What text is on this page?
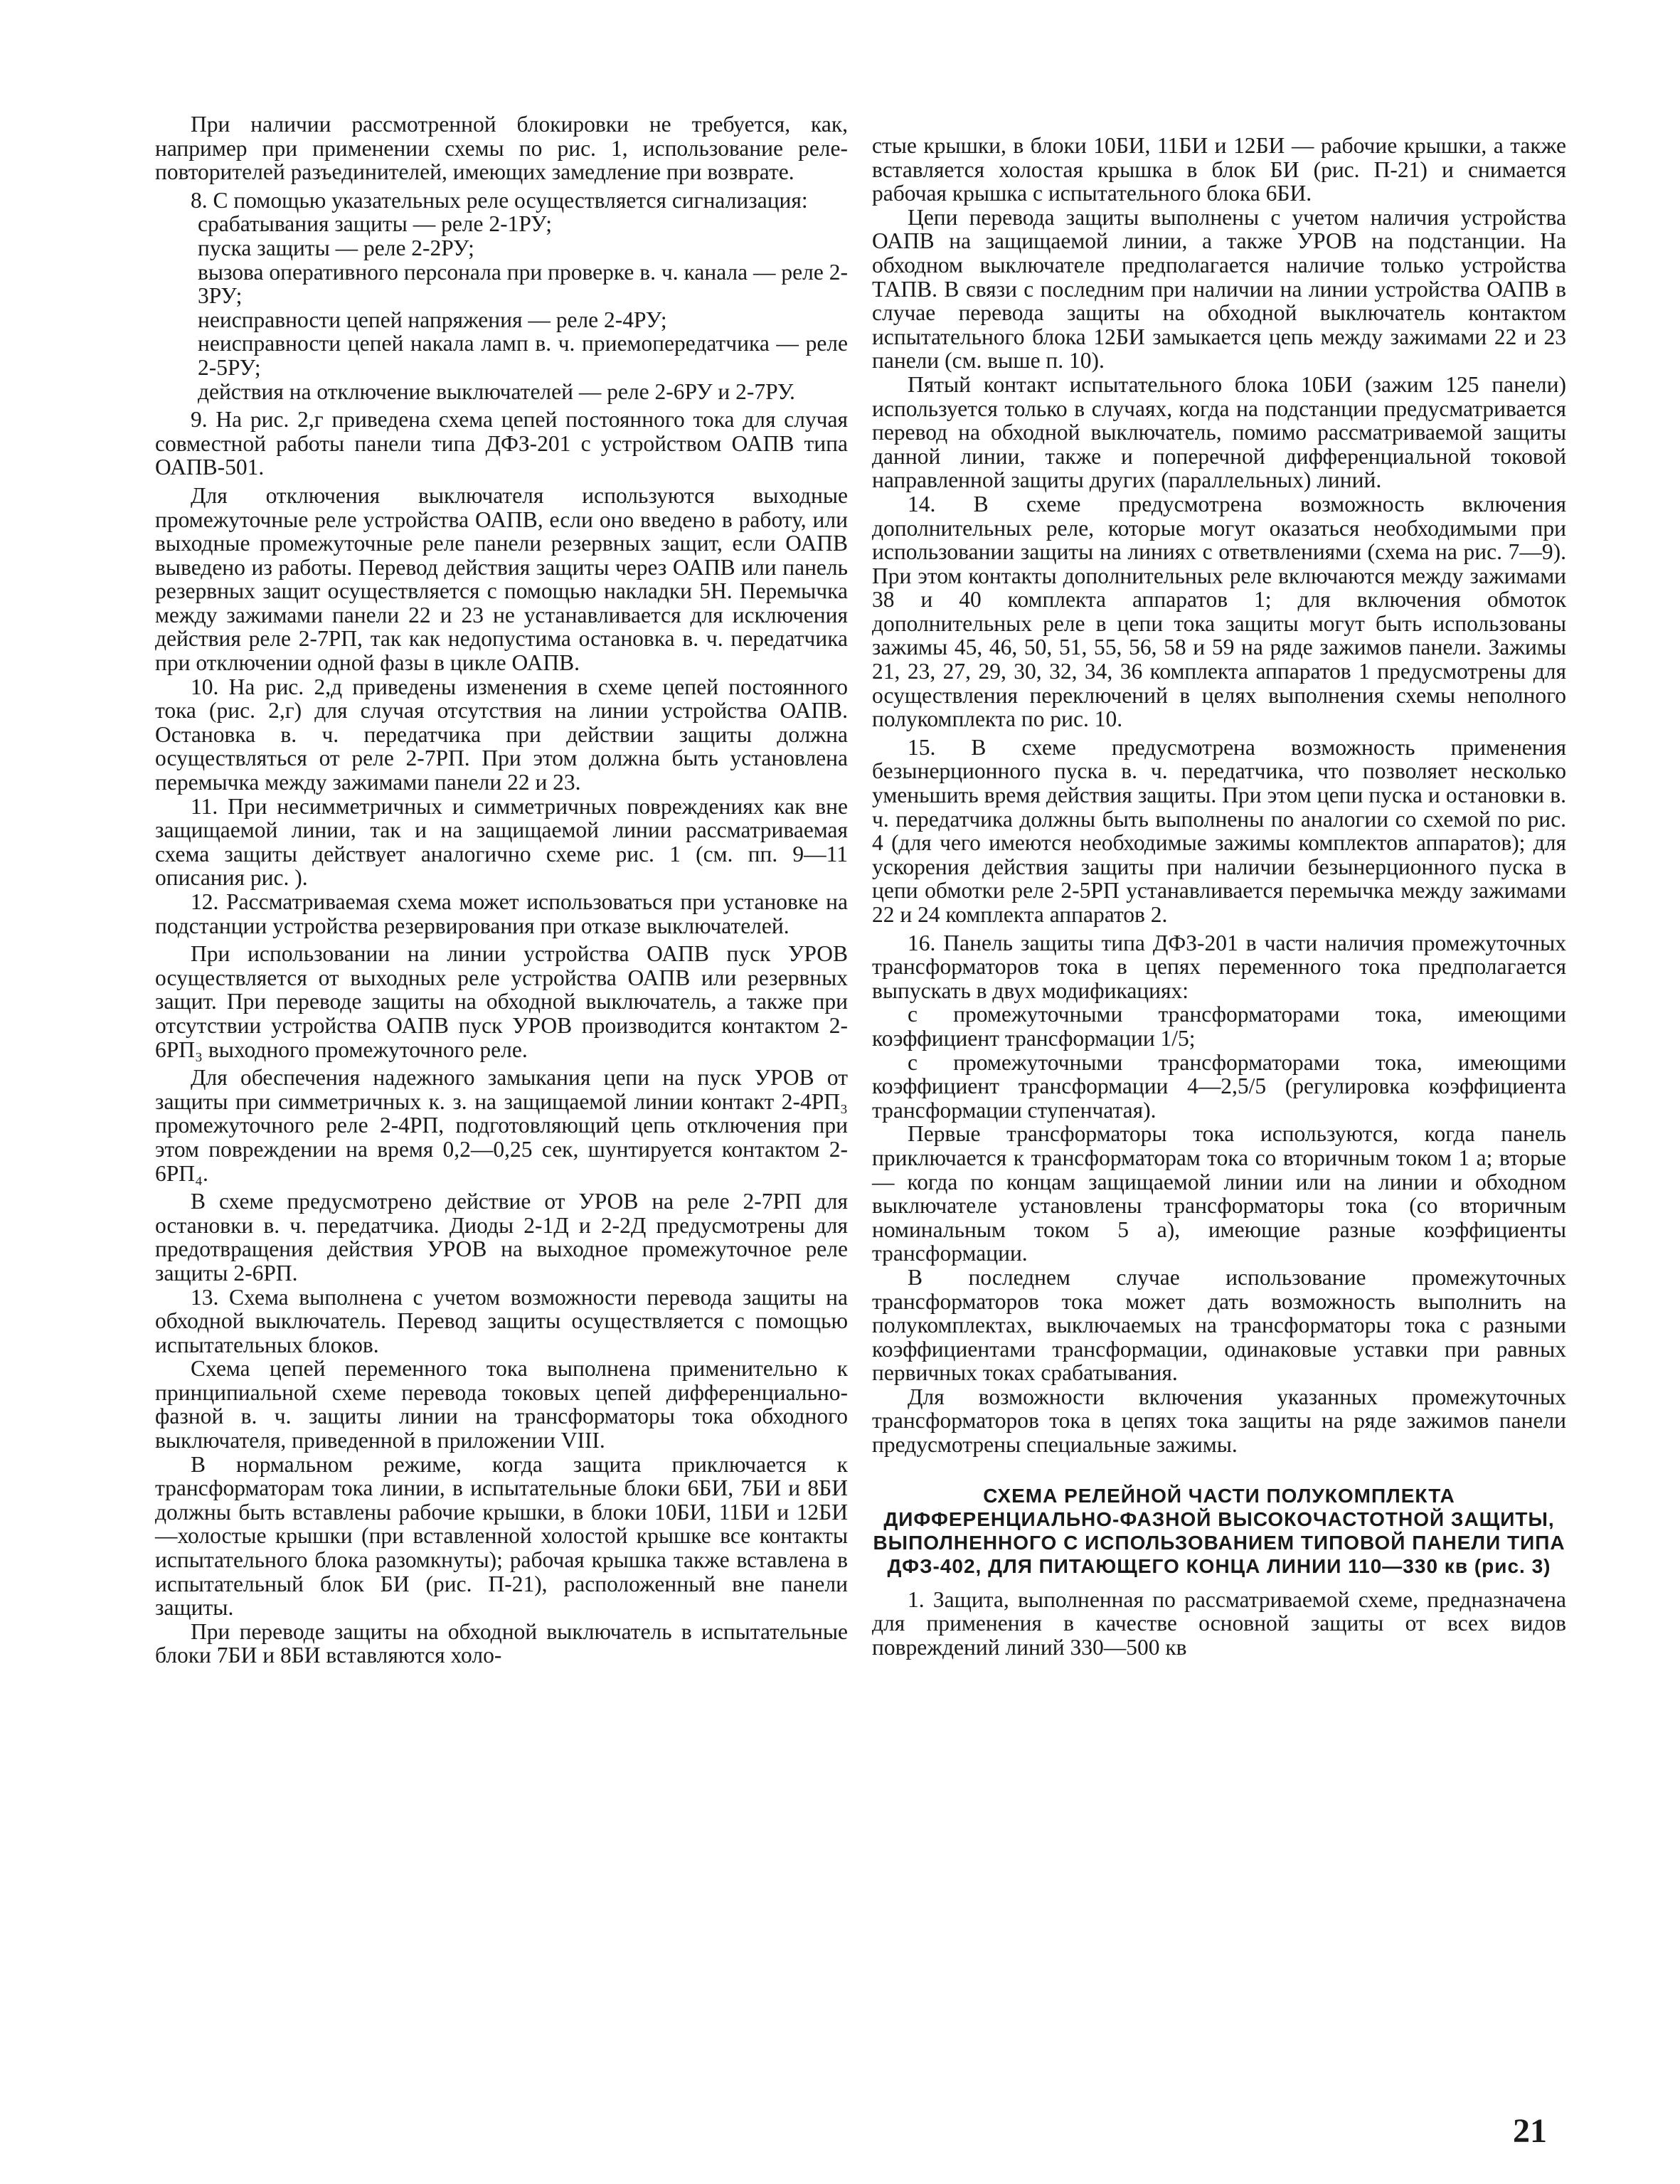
При наличии рассмотренной блокировки не требуется, как, например при применении схемы по рис. 1, использование реле-повторителей разъединителей, имеющих замедление при возврате.

8. С помощью указательных реле осуществляется сигнализация:

срабатывания защиты — реле 2-1РУ;

пуска защиты — реле 2-2РУ;

вызова оперативного персонала при проверке в. ч. канала — реле 2-3РУ;

неисправности цепей напряжения — реле 2-4РУ;

неисправности цепей накала ламп в. ч. приемопередатчика — реле 2-5РУ;

действия на отключение выключателей — реле 2-6РУ и 2-7РУ.

9. На рис. 2,г приведена схема цепей постоянного тока для случая совместной работы панели типа ДФЗ-201 с устройством ОАПВ типа ОАПВ-501.

Для отключения выключателя используются выходные промежуточные реле устройства ОАПВ, если оно введено в работу, или выходные промежуточные реле панели резервных защит, если ОАПВ выведено из работы. Перевод действия защиты через ОАПВ или панель резервных защит осуществляется с помощью накладки 5Н. Перемычка между зажимами панели 22 и 23 не устанавливается для исключения действия реле 2-7РП, так как недопустима остановка в. ч. передатчика при отключении одной фазы в цикле ОАПВ.

10. На рис. 2,д приведены изменения в схеме цепей постоянного тока (рис. 2,г) для случая отсутствия на линии устройства ОАПВ. Остановка в. ч. передатчика при действии защиты должна осуществляться от реле 2-7РП. При этом должна быть установлена перемычка между зажимами панели 22 и 23.

11. При несимметричных и симметричных повреждениях как вне защищаемой линии, так и на защищаемой линии рассматриваемая схема защиты действует аналогично схеме рис. 1 (см. пп. 9—11 описания рис. ).

12. Рассматриваемая схема может использоваться при установке на подстанции устройства резервирования при отказе выключателей.

При использовании на линии устройства ОАПВ пуск УРОВ осуществляется от выходных реле устройства ОАПВ или резервных защит. При переводе защиты на обходной выключатель, а также при отсутствии устройства ОАПВ пуск УРОВ производится контактом 2-6РП₃ выходного промежуточного реле.

Для обеспечения надежного замыкания цепи на пуск УРОВ от защиты при симметричных к. з. на защищаемой линии контакт 2-4РП₃ промежуточного реле 2-4РП, подготовляющий цепь отключения при этом повреждении на время 0,2—0,25 сек, шунтируется контактом 2-6РП₄.

В схеме предусмотрено действие от УРОВ на реле 2-7РП для остановки в. ч. передатчика. Диоды 2-1Д и 2-2Д предусмотрены для предотвращения действия УРОВ на выходное промежуточное реле защиты 2-6РП.

13. Схема выполнена с учетом возможности перевода защиты на обходной выключатель. Перевод защиты осуществляется с помощью испытательных блоков.

Схема цепей переменного тока выполнена применительно к принципиальной схеме перевода токовых цепей дифференциально-фазной в. ч. защиты линии на трансформаторы тока обходного выключателя, приведенной в приложении VIII.

В нормальном режиме, когда защита приключается к трансформаторам тока линии, в испытательные блоки 6БИ, 7БИ и 8БИ должны быть вставлены рабочие крышки, в блоки 10БИ, 11БИ и 12БИ—холостые крышки (при вставленной холостой крышке все контакты испытательного блока разомкнуты); рабочая крышка также вставлена в испытательный блок БИ (рис. П-21), расположенный вне панели защиты.

При переводе защиты на обходной выключатель в испытательные блоки 7БИ и 8БИ вставляются холо-

стые крышки, в блоки 10БИ, 11БИ и 12БИ — рабочие крышки, а также вставляется холостая крышка в блок БИ (рис. П-21) и снимается рабочая крышка с испытательного блока 6БИ.

Цепи перевода защиты выполнены с учетом наличия устройства ОАПВ на защищаемой линии, а также УРОВ на подстанции. На обходном выключателе предполагается наличие только устройства ТАПВ. В связи с последним при наличии на линии устройства ОАПВ в случае перевода защиты на обходной выключатель контактом испытательного блока 12БИ замыкается цепь между зажимами 22 и 23 панели (см. выше п. 10).

Пятый контакт испытательного блока 10БИ (зажим 125 панели) используется только в случаях, когда на подстанции предусматривается перевод на обходной выключатель, помимо рассматриваемой защиты данной линии, также и поперечной дифференциальной токовой направленной защиты других (параллельных) линий.

14. В схеме предусмотрена возможность включения дополнительных реле, которые могут оказаться необходимыми при использовании защиты на линиях с ответвлениями (схема на рис. 7—9). При этом контакты дополнительных реле включаются между зажимами 38 и 40 комплекта аппаратов 1; для включения обмоток дополнительных реле в цепи тока защиты могут быть использованы зажимы 45, 46, 50, 51, 55, 56, 58 и 59 на ряде зажимов панели. Зажимы 21, 23, 27, 29, 30, 32, 34, 36 комплекта аппаратов 1 предусмотрены для осуществления переключений в целях выполнения схемы неполного полукомплекта по рис. 10.

15. В схеме предусмотрена возможность применения безынерционного пуска в. ч. передатчика, что позволяет несколько уменьшить время действия защиты. При этом цепи пуска и остановки в. ч. передатчика должны быть выполнены по аналогии со схемой по рис. 4 (для чего имеются необходимые зажимы комплектов аппаратов); для ускорения действия защиты при наличии безынерционного пуска в цепи обмотки реле 2-5РП устанавливается перемычка между зажимами 22 и 24 комплекта аппаратов 2.

16. Панель защиты типа ДФЗ-201 в части наличия промежуточных трансформаторов тока в цепях переменного тока предполагается выпускать в двух модификациях:

с промежуточными трансформаторами тока, имеющими коэффициент трансформации 1/5;

с промежуточными трансформаторами тока, имеющими коэффициент трансформации 4—2,5/5 (регулировка коэффициента трансформации ступенчатая).

Первые трансформаторы тока используются, когда панель приключается к трансформаторам тока со вторичным током 1 а; вторые — когда по концам защищаемой линии или на линии и обходном выключателе установлены трансформаторы тока (со вторичным номинальным током 5 а), имеющие разные коэффициенты трансформации.

В последнем случае использование промежуточных трансформаторов тока может дать возможность выполнить на полукомплектах, выключаемых на трансформаторы тока с разными коэффициентами трансформации, одинаковые уставки при равных первичных токах срабатывания.

Для возможности включения указанных промежуточных трансформаторов тока в цепях тока защиты на ряде зажимов панели предусмотрены специальные зажимы.

СХЕМА РЕЛЕЙНОЙ ЧАСТИ ПОЛУКОМПЛЕКТА ДИФФЕРЕНЦИАЛЬНО-ФАЗНОЙ ВЫСОКОЧАСТОТНОЙ ЗАЩИТЫ, ВЫПОЛНЕННОГО С ИСПОЛЬЗОВАНИЕМ ТИПОВОЙ ПАНЕЛИ ТИПА ДФЗ-402, ДЛЯ ПИТАЮЩЕГО КОНЦА ЛИНИИ 110—330 кв (рис. 3)

1. Защита, выполненная по рассматриваемой схеме, предназначена для применения в качестве основной защиты от всех видов повреждений линий 330—500 кв

21
